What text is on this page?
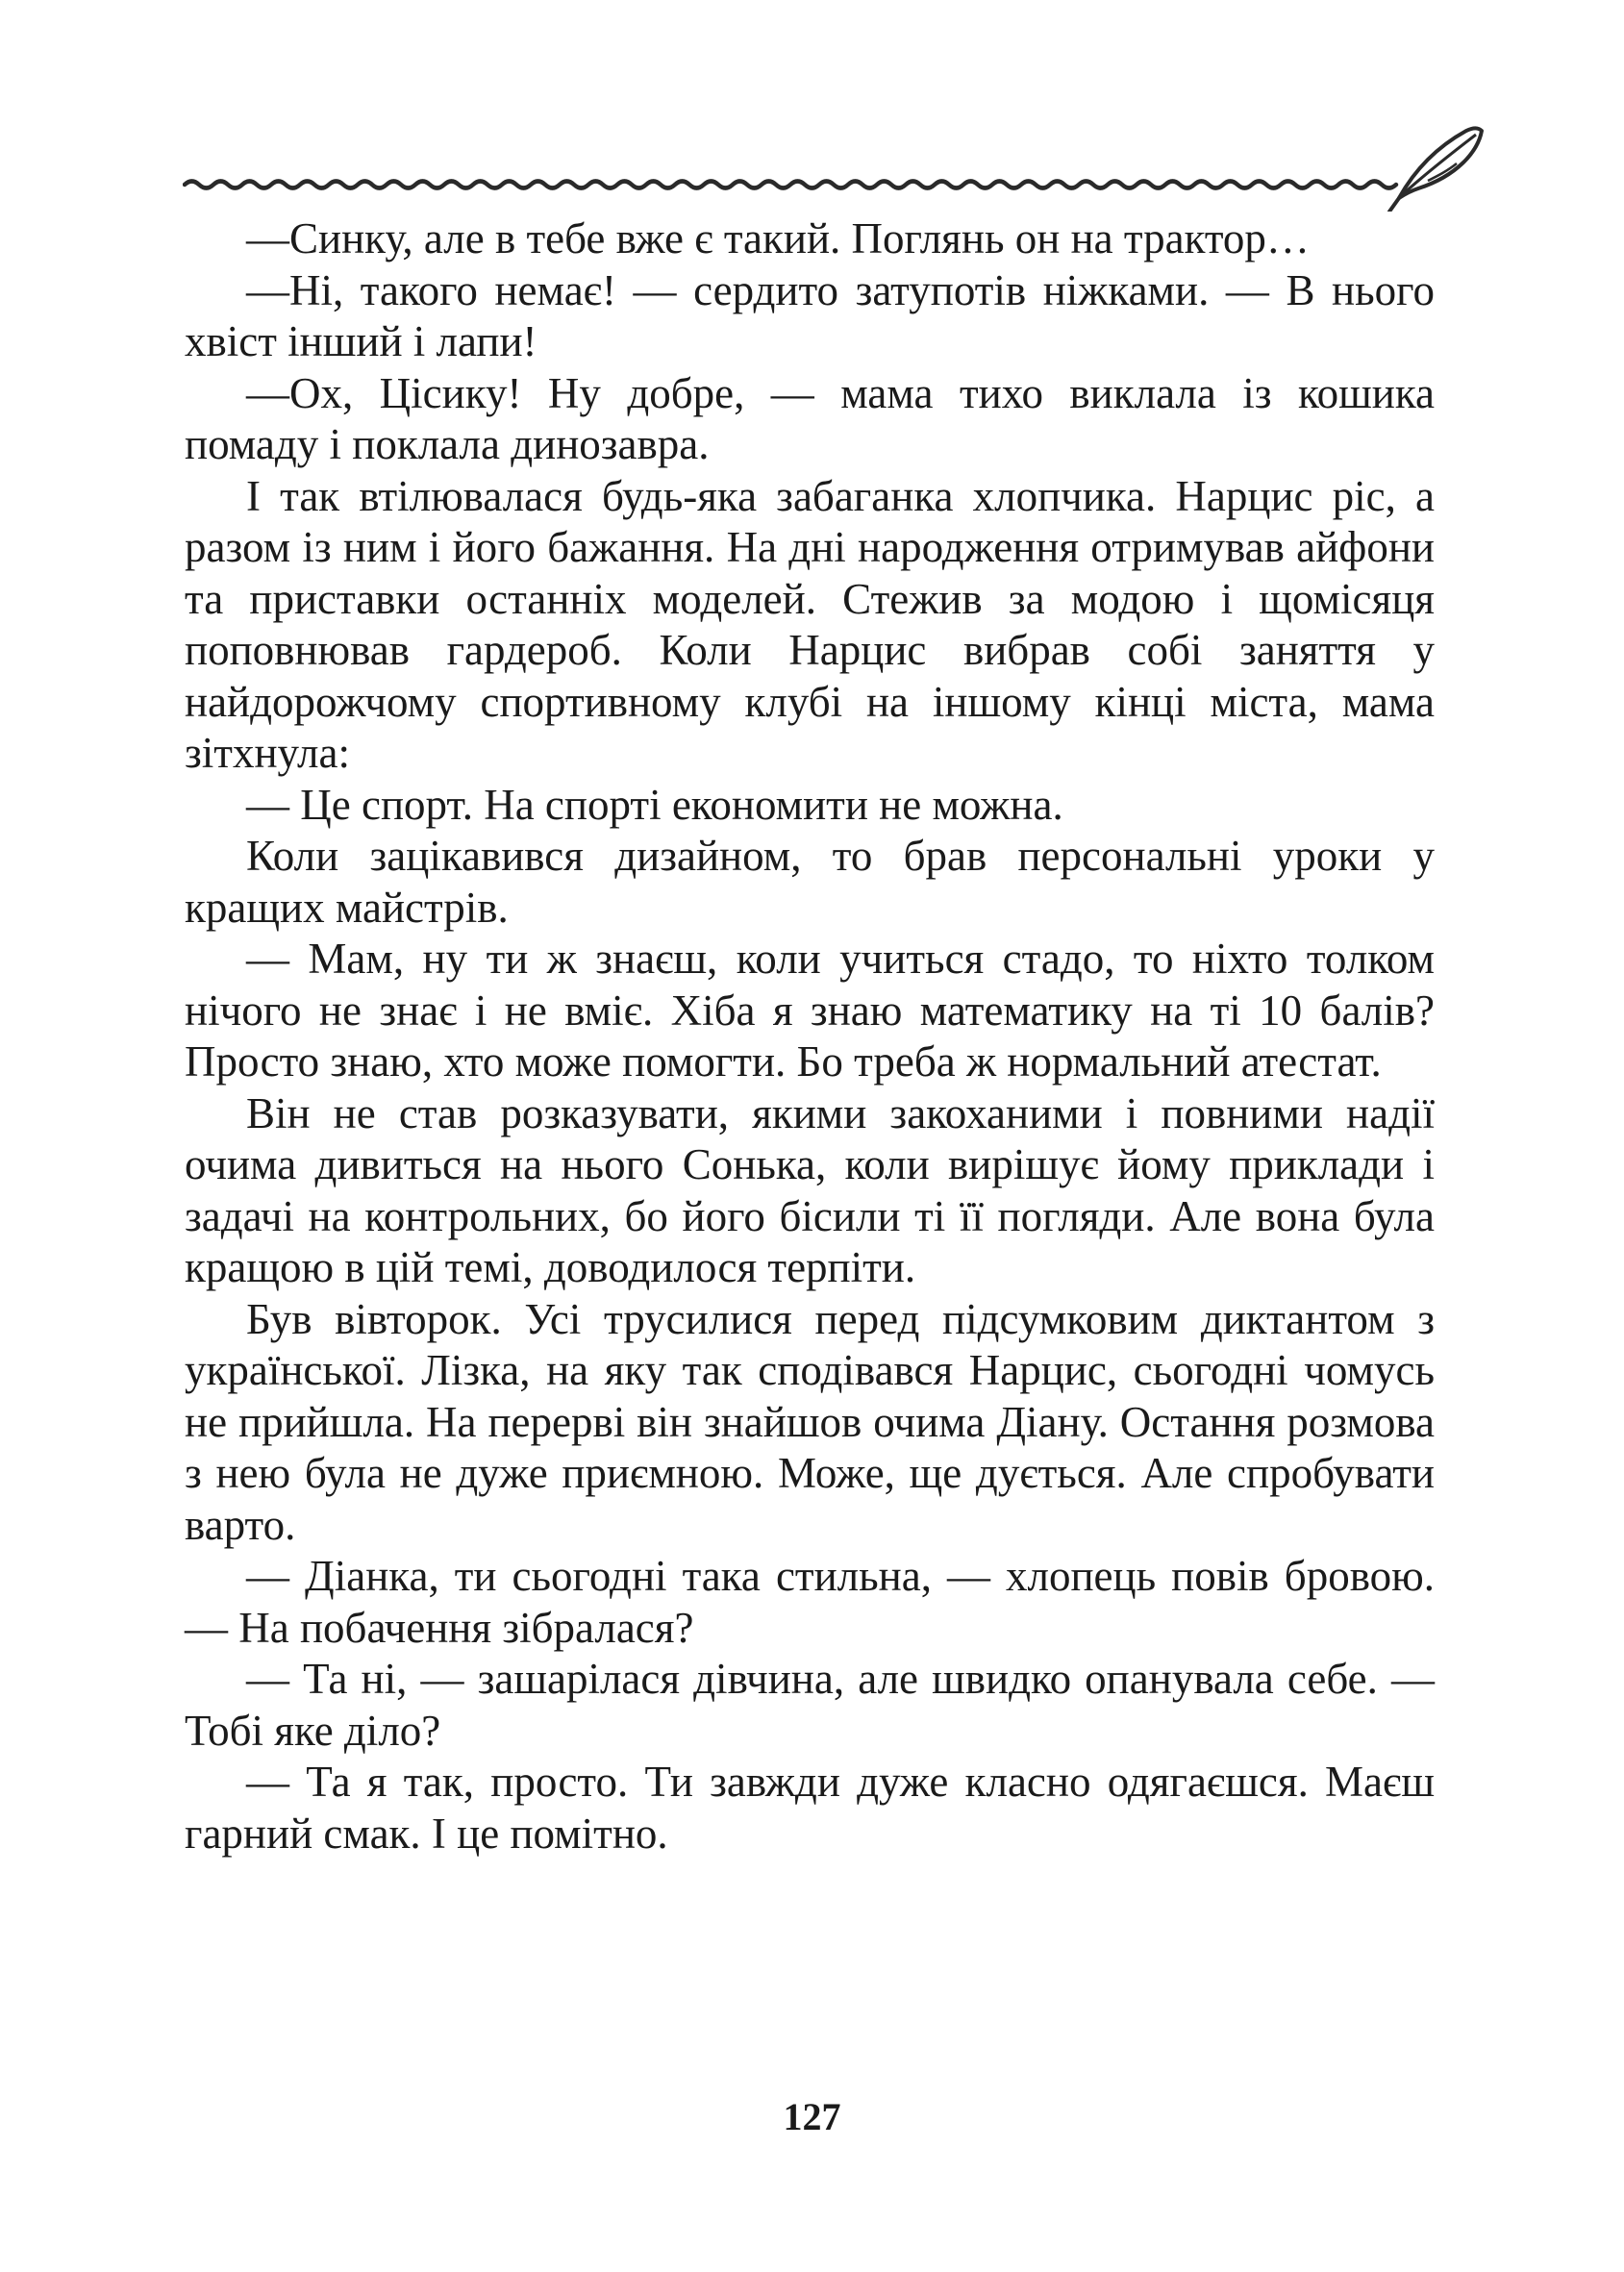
—Синку, але в тебе вже є такий. Поглянь он на трактор…

—Ні, такого немає! — сердито затупотів ніжками. — В нього хвіст інший і лапи!

—Ох, Цісику! Ну добре, — мама тихо виклала із кошика помаду і поклала динозавра.

І так втілювалася будь-яка забаганка хлопчика. Нарцис ріс, а разом із ним і його бажання. На дні народження отримував айфони та приставки останніх моделей. Стежив за модою і щомісяця поповнював гардероб. Коли Нарцис вибрав собі заняття у найдорожчому спортивному клубі на іншому кінці міста, мама зітхнула:

— Це спорт. На спорті економити не можна.

Коли зацікавився дизайном, то брав персональні уроки у кращих майстрів.

— Мам, ну ти ж знаєш, коли учиться стадо, то ніхто толком нічого не знає і не вміє. Хіба я знаю математику на ті 10 балів? Просто знаю, хто може помогти. Бо треба ж нормальний атестат.

Він не став розказувати, якими закоханими і повними надії очима дивиться на нього Сонька, коли вирішує йому приклади і задачі на контрольних, бо його бісили ті її погляди. Але вона була кращою в цій темі, доводилося терпіти.

Був вівторок. Усі трусилися перед підсумковим диктантом з української. Лізка, на яку так сподівався Нарцис, сьогодні чомусь не прийшла. На перерві він знайшов очима Діану. Остання розмова з нею була не дуже приємною. Може, ще дується. Але спробувати варто.

— Діанка, ти сьогодні така стильна, — хлопець повів бровою. — На побачення зібралася?

— Та ні, — зашарілася дівчина, але швидко опанувала себе. — Тобі яке діло?

— Та я так, просто. Ти завжди дуже класно одягаєшся. Маєш гарний смак. І це помітно.

127
